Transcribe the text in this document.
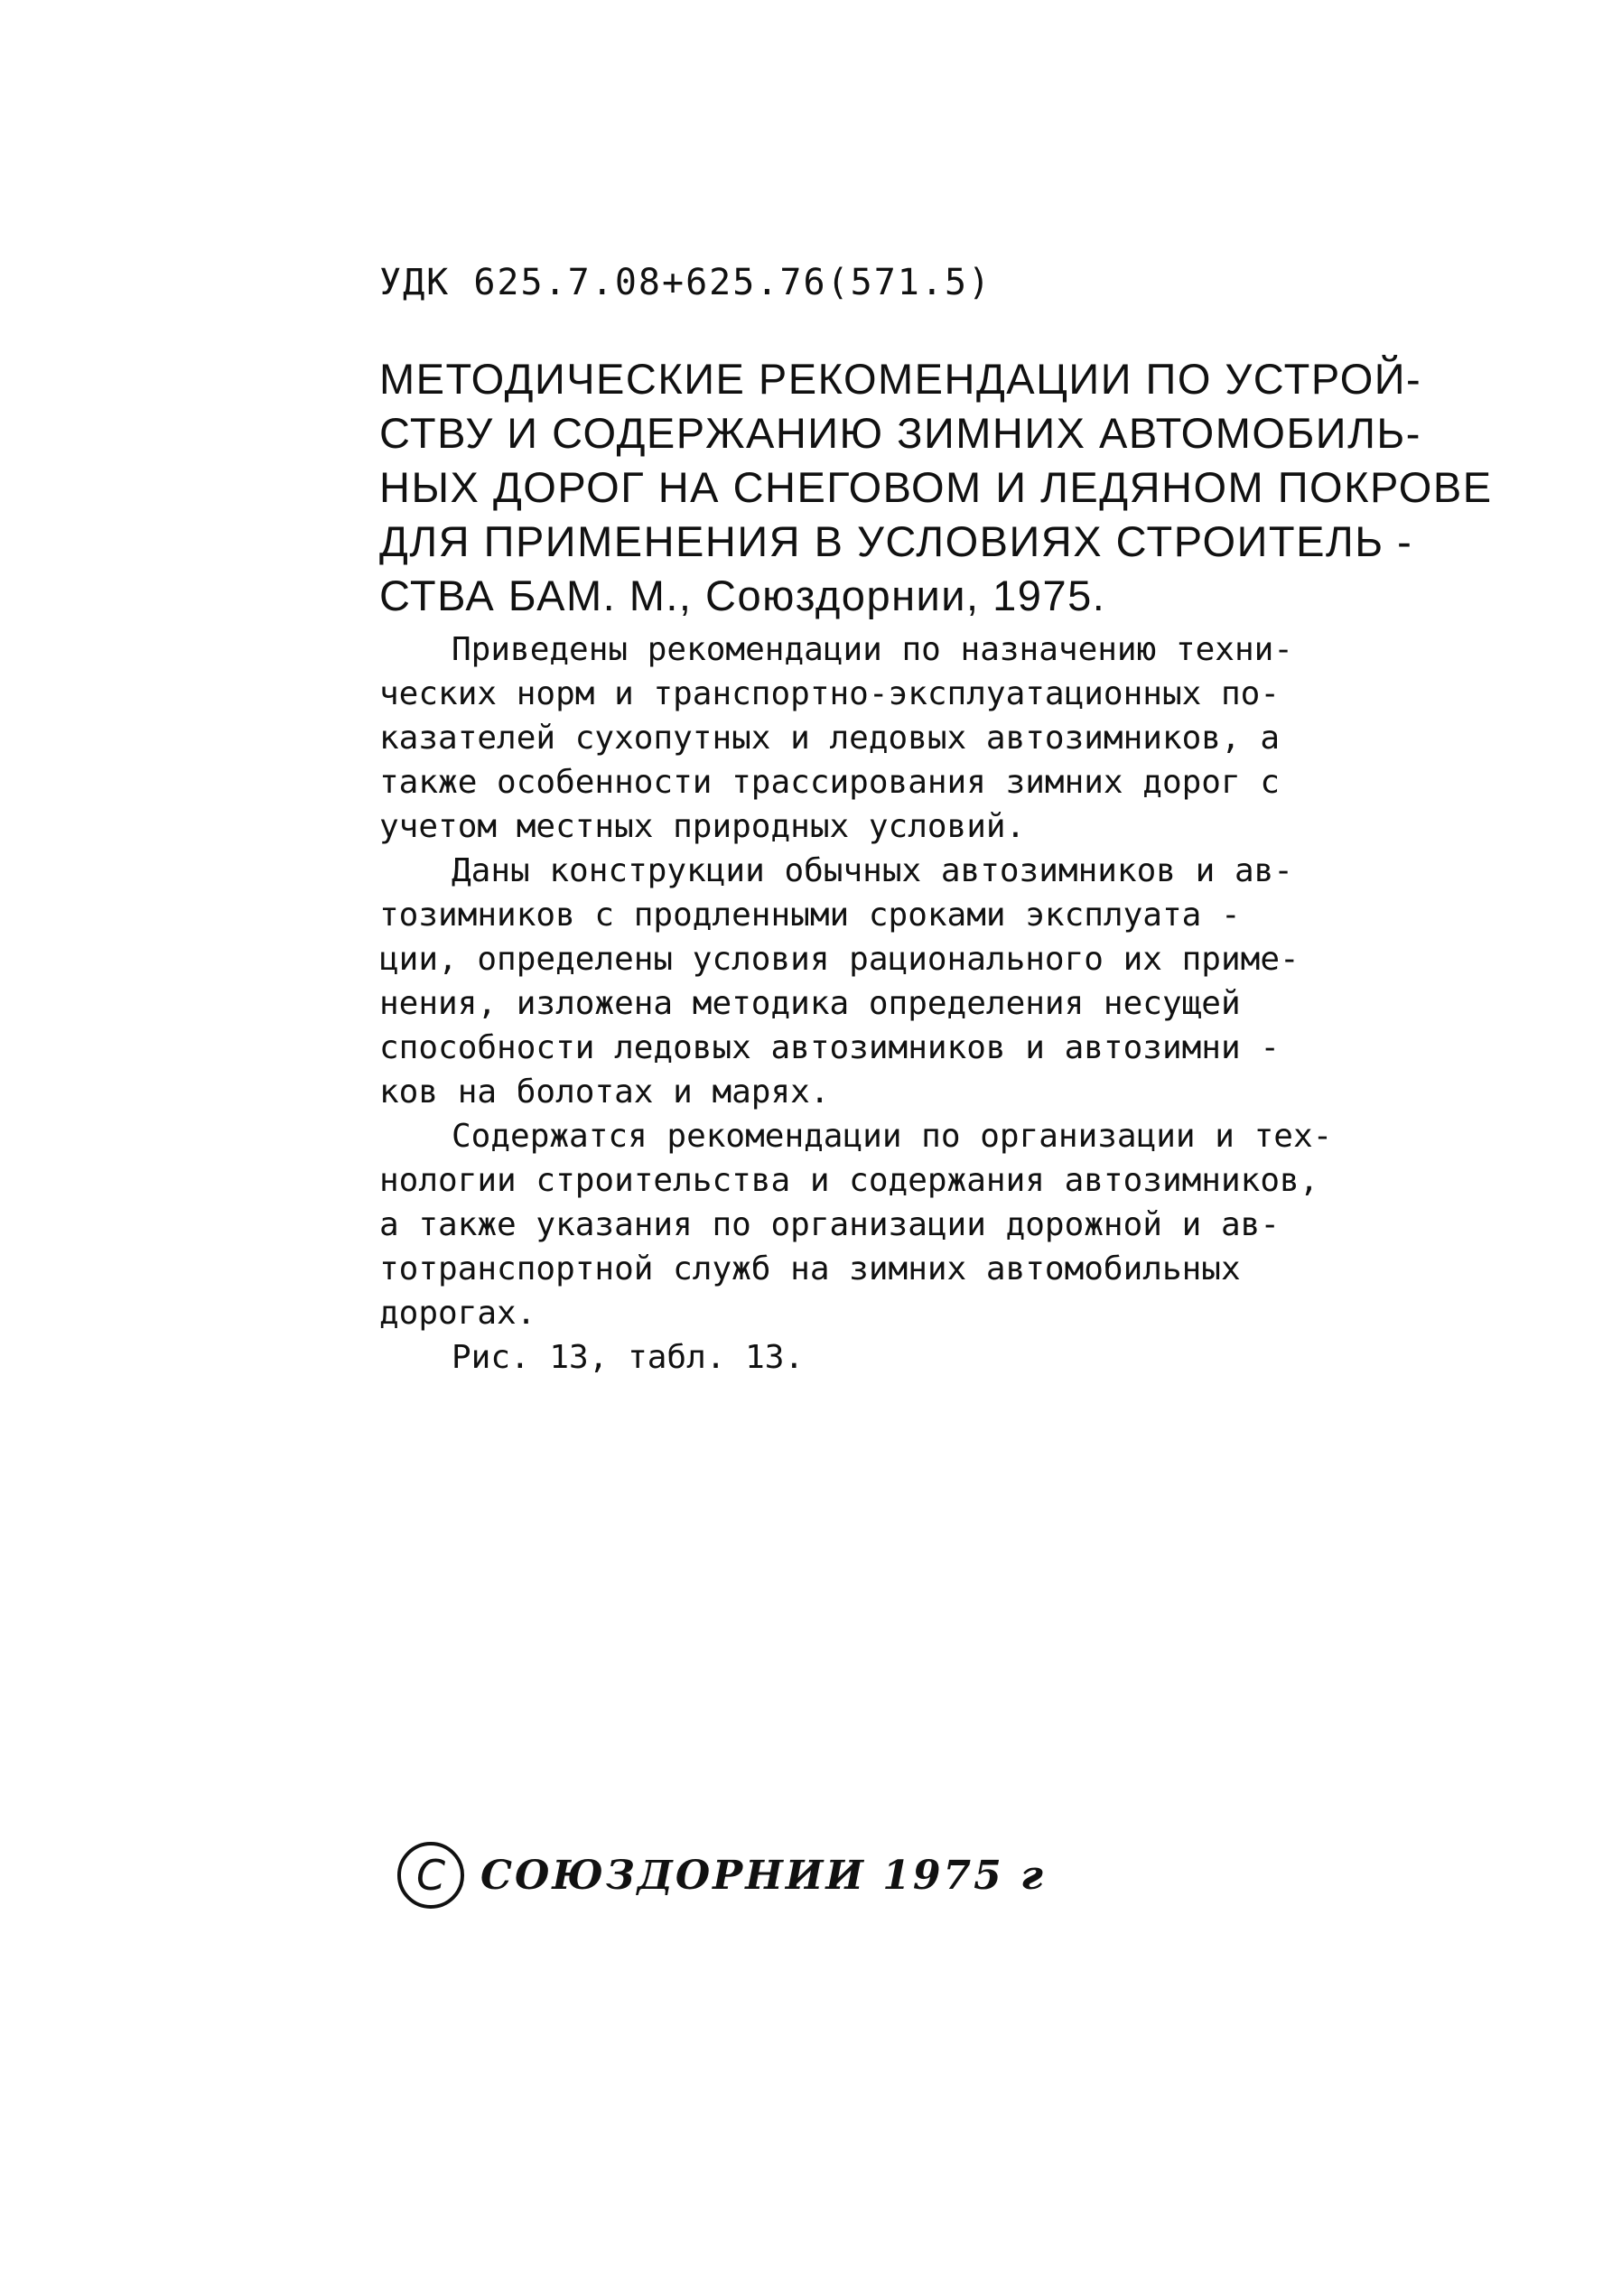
УДК 625.7.08+625.76(571.5)
МЕТОДИЧЕСКИЕ РЕКОМЕНДАЦИИ ПО УСТРОЙ-
СТВУ И СОДЕРЖАНИЮ ЗИМНИХ АВТОМОБИЛЬ-
НЫХ ДОРОГ НА СНЕГОВОМ И ЛЕДЯНОМ ПОКРОВЕ
ДЛЯ ПРИМЕНЕНИЯ В УСЛОВИЯХ СТРОИТЕЛЬ -
СТВА БАМ. М., Союздорнии, 1975.
Приведены рекомендации по назначению техни-
ческих норм и транспортно-эксплуатационных по-
казателей сухопутных и ледовых автозимников, а
также особенности трассирования зимних дорог с
учетом местных природных условий.
Даны конструкции обычных автозимников и ав-
тозимников с продленными сроками эксплуата -
ции, определены условия рационального их приме-
нения, изложена методика определения несущей
способности ледовых автозимников и автозимни -
ков на болотах и марях.
Содержатся рекомендации по организации и тех-
нологии строительства и содержания автозимников,
а также указания по организации дорожной и ав-
тотранспортной служб на зимних автомобильных
дорогах.
Рис. 13, табл. 13.
С СОЮЗДОРНИИ 1975 г
